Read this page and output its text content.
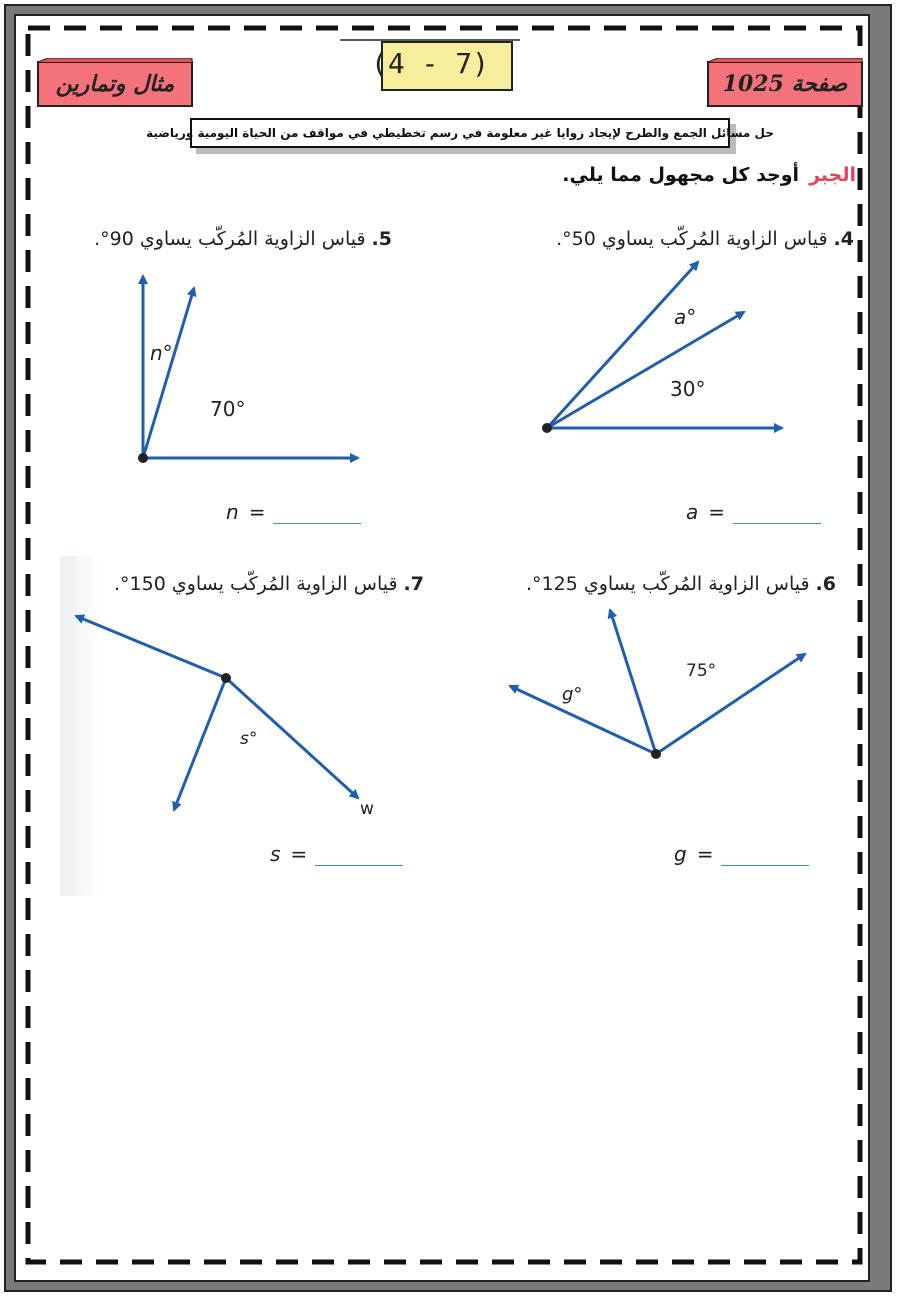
مثال وتمارين	صفحة 1025
(4 - 7)
حل مسائل الجمع والطرح لإيجاد زوايا غير معلومة في رسم تخطيطي في مواقف من الحياة اليومية ورياضية
الجبرأوجد كل مجهول مما يلي.
4.قياس الزاوية المُركّب يساوي 50°.
a°
30°
a =
5.قياس الزاوية المُركّب يساوي 90°.
n°
70°
n =
6.قياس الزاوية المُركّب يساوي 125°.
g°
75°
g =
7.قياس الزاوية المُركّب يساوي 150°.
s°
w
s =
